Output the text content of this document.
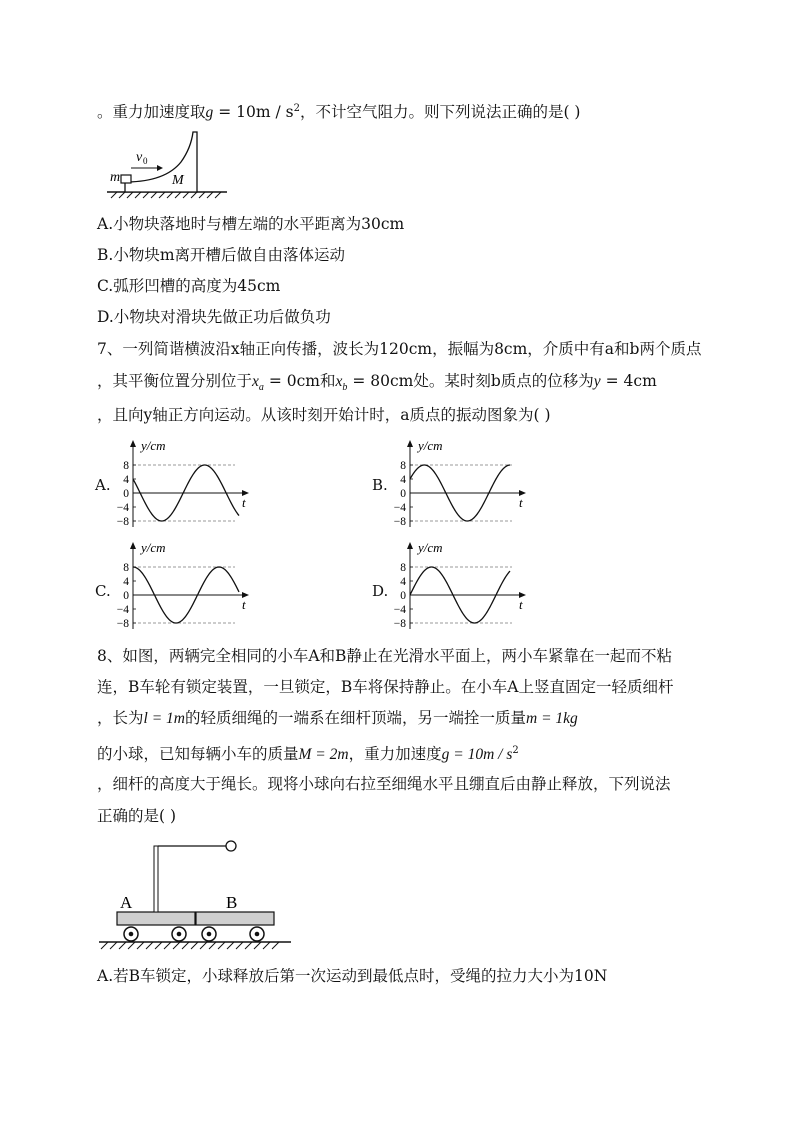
。重力加速度取$g = 10m / s^2$，不计空气阻力。则下列说法正确的是( )
m
v 0
M
A.小物块落地时与槽左端的水平距离为30cm
B.小物块m离开槽后做自由落体运动
C.弧形凹槽的高度为45cm
D.小物块对滑块先做正功后做负功
7、一列简谐横波沿x轴正向传播，波长为120cm，振幅为8cm，介质中有a和b两个质点
，其平衡位置分别位于$x_a = 0cm$和$x_b = 80cm$处。某时刻b质点的位移为y = 4cm
，且向y轴正方向运动。从该时刻开始计时，a质点的振动图象为( )
A.
y/cm
t
8
4
0
−4
−8
B.
y/cm
t
8
4
0
−4
−8
C.
y/cm
t
8
4
0
−4
−8
D.
y/cm
t
8
4
0
−4
−8
8、如图，两辆完全相同的小车A和B静止在光滑水平面上，两小车紧靠在一起而不粘
连，B车轮有锁定装置，一旦锁定，B车将保持静止。在小车A上竖直固定一轻质细杆
，长为l = 1m的轻质细绳的一端系在细杆顶端，另一端拴一质量m = 1kg
的小球，已知每辆小车的质量M = 2m，重力加速度$g = 10m / s^2$
，细杆的高度大于绳长。现将小球向右拉至细绳水平且绷直后由静止释放，下列说法
正确的是( )
A	B
A.若B车锁定，小球释放后第一次运动到最低点时，受绳的拉力大小为10N
